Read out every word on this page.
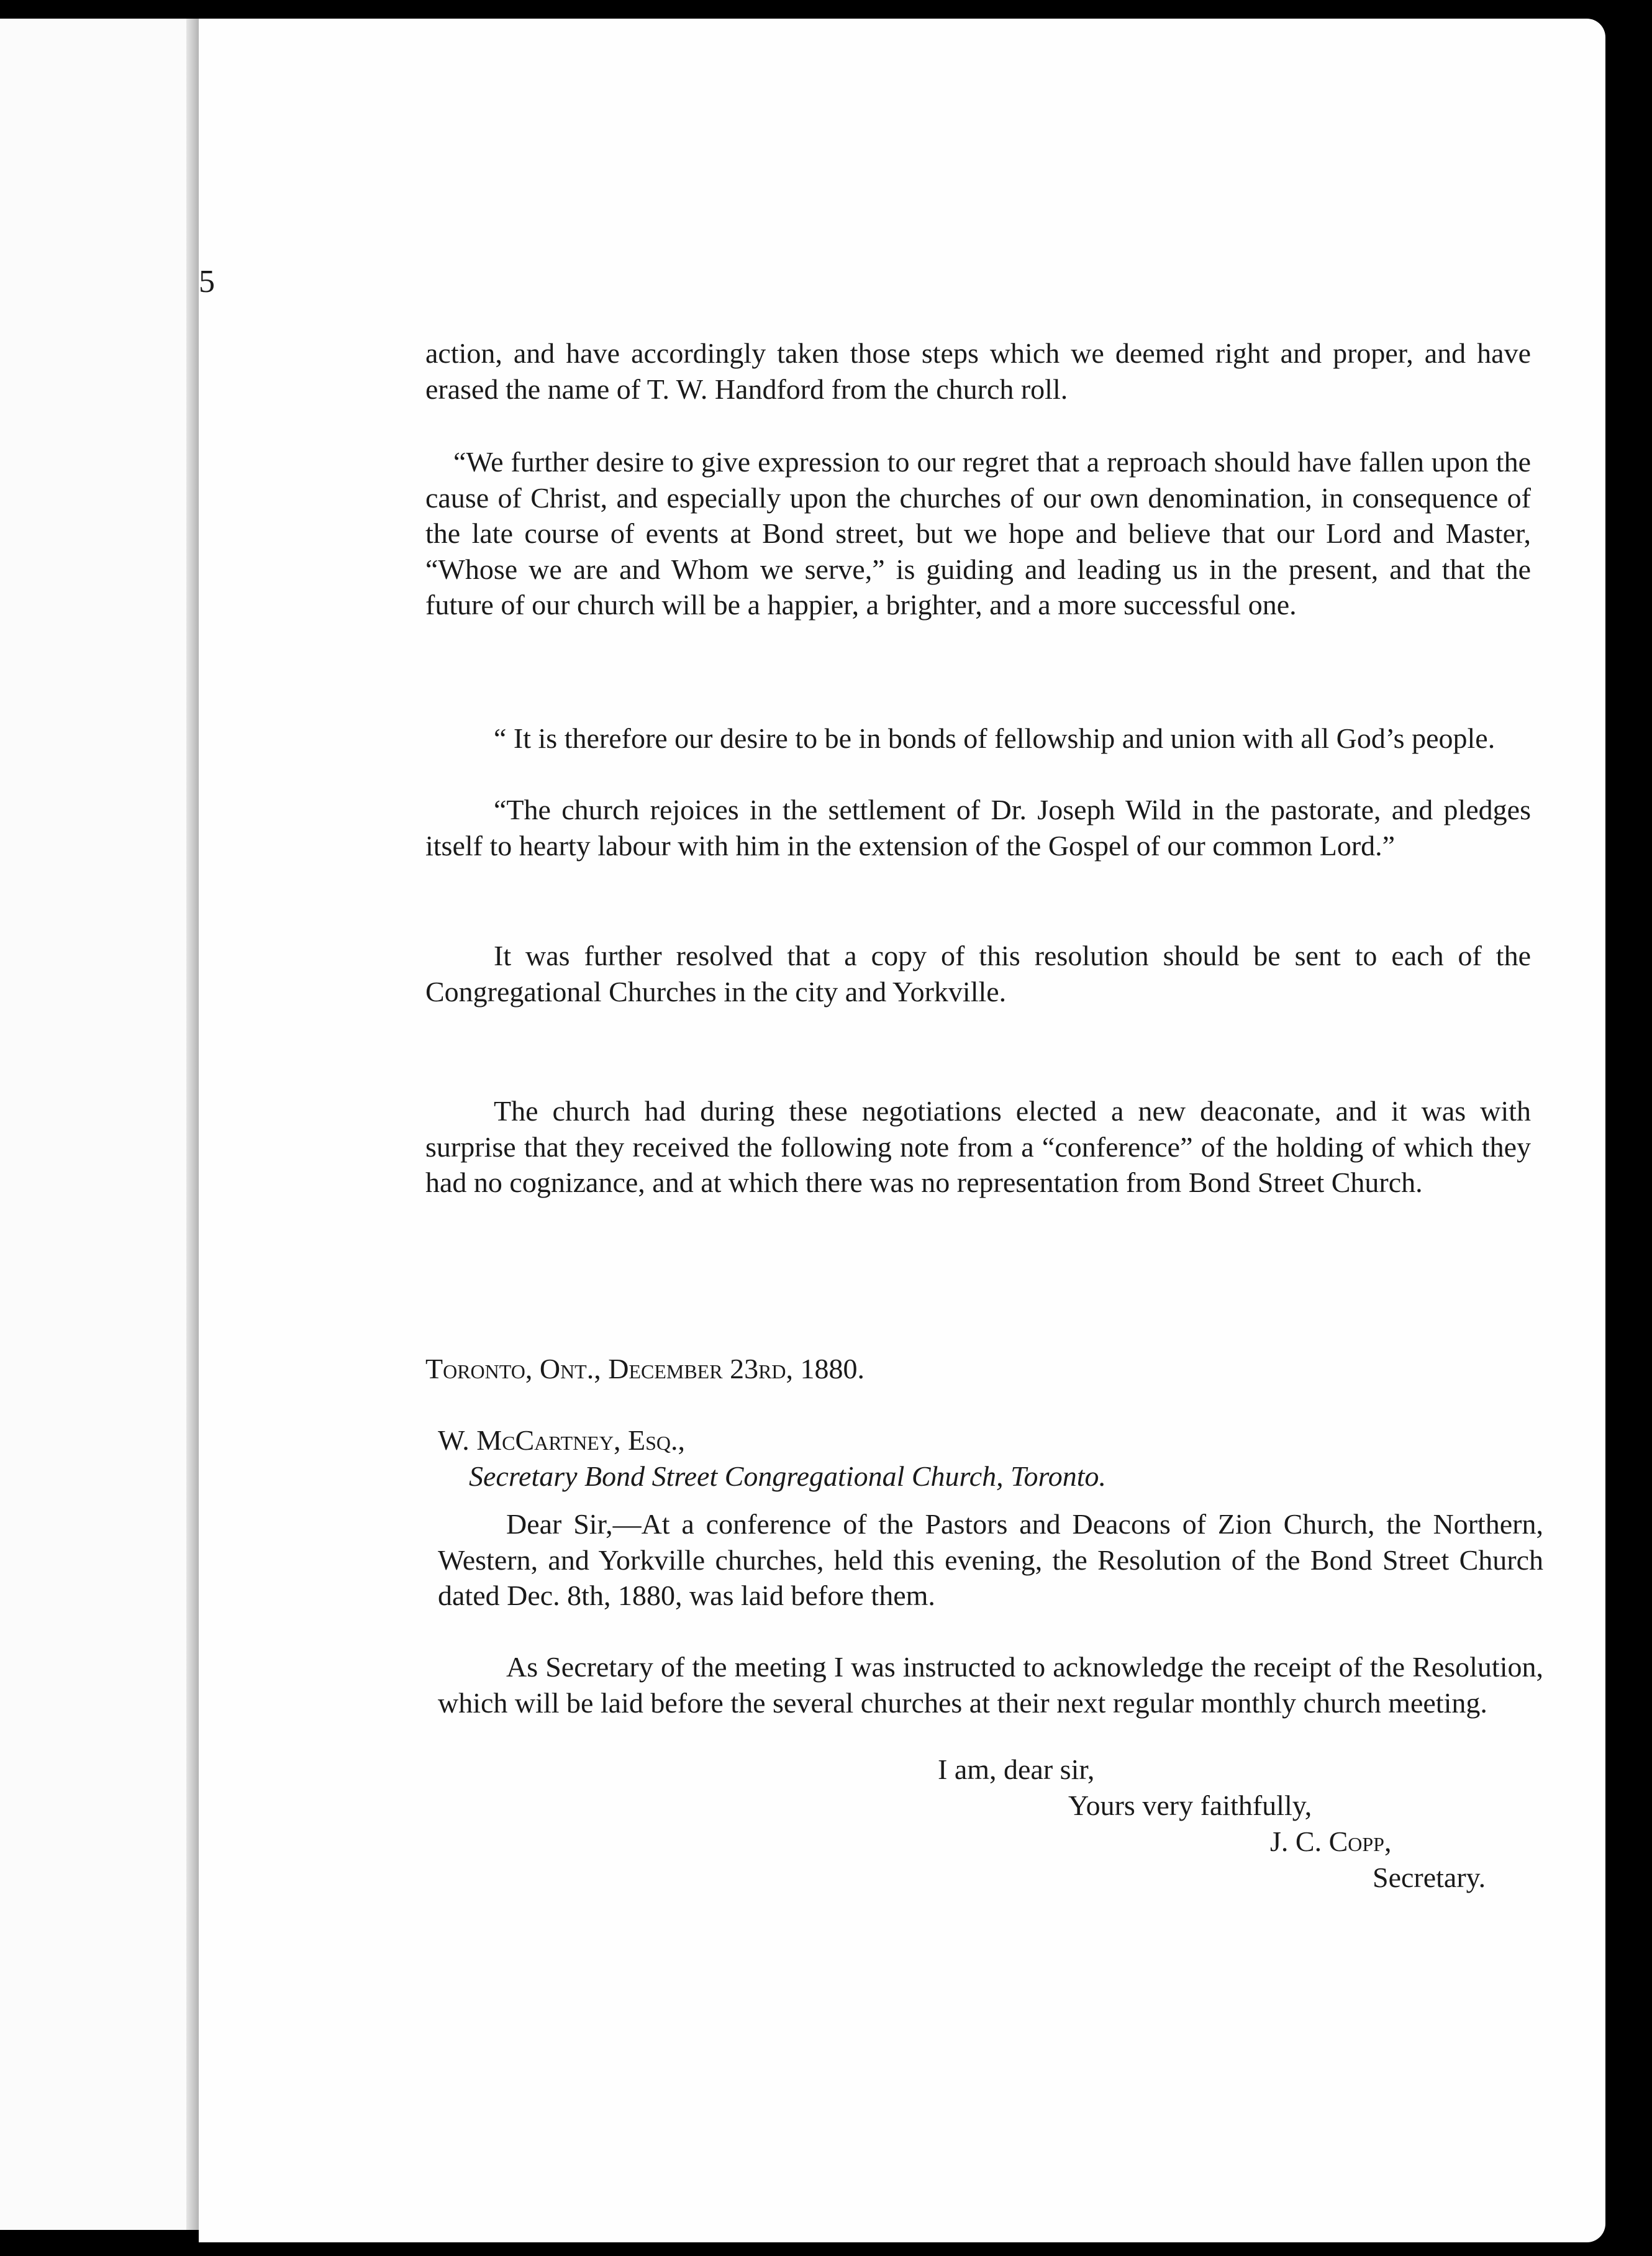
5

action, and have accordingly taken those steps which we deemed right and proper, and have erased the name of T. W. Handford from the church roll.

“We further desire to give expression to our regret that a reproach should have fallen upon the cause of Christ, and especially upon the churches of our own denomination, in consequence of the late course of events at Bond street, but we hope and believe that our Lord and Master, “Whose we are and Whom we serve,” is guiding and leading us in the present, and that the future of our church will be a happier, a brighter, and a more successful one.

“ It is therefore our desire to be in bonds of fellowship and union with all God’s people.

“The church rejoices in the settlement of Dr. Joseph Wild in the pastorate, and pledges itself to hearty labour with him in the extension of the Gospel of our common Lord.”

It was further resolved that a copy of this resolution should be sent to each of the Congregational Churches in the city and Yorkville.

The church had during these negotiations elected a new deaconate, and it was with surprise that they received the following note from a “conference” of the holding of which they had no cognizance, and at which there was no representation from Bond Street Church.

Toronto, Ont., December 23rd, 1880.

W. McCartney, Esq.,

Secretary Bond Street Congregational Church, Toronto.

Dear Sir,—At a conference of the Pastors and Deacons of Zion Church, the Northern, Western, and Yorkville churches, held this evening, the Resolution of the Bond Street Church dated Dec. 8th, 1880, was laid before them.

As Secretary of the meeting I was instructed to acknowledge the receipt of the Resolution, which will be laid before the several churches at their next regular monthly church meeting.

I am, dear sir,

Yours very faithfully,

J. C. Copp,

Secretary.
